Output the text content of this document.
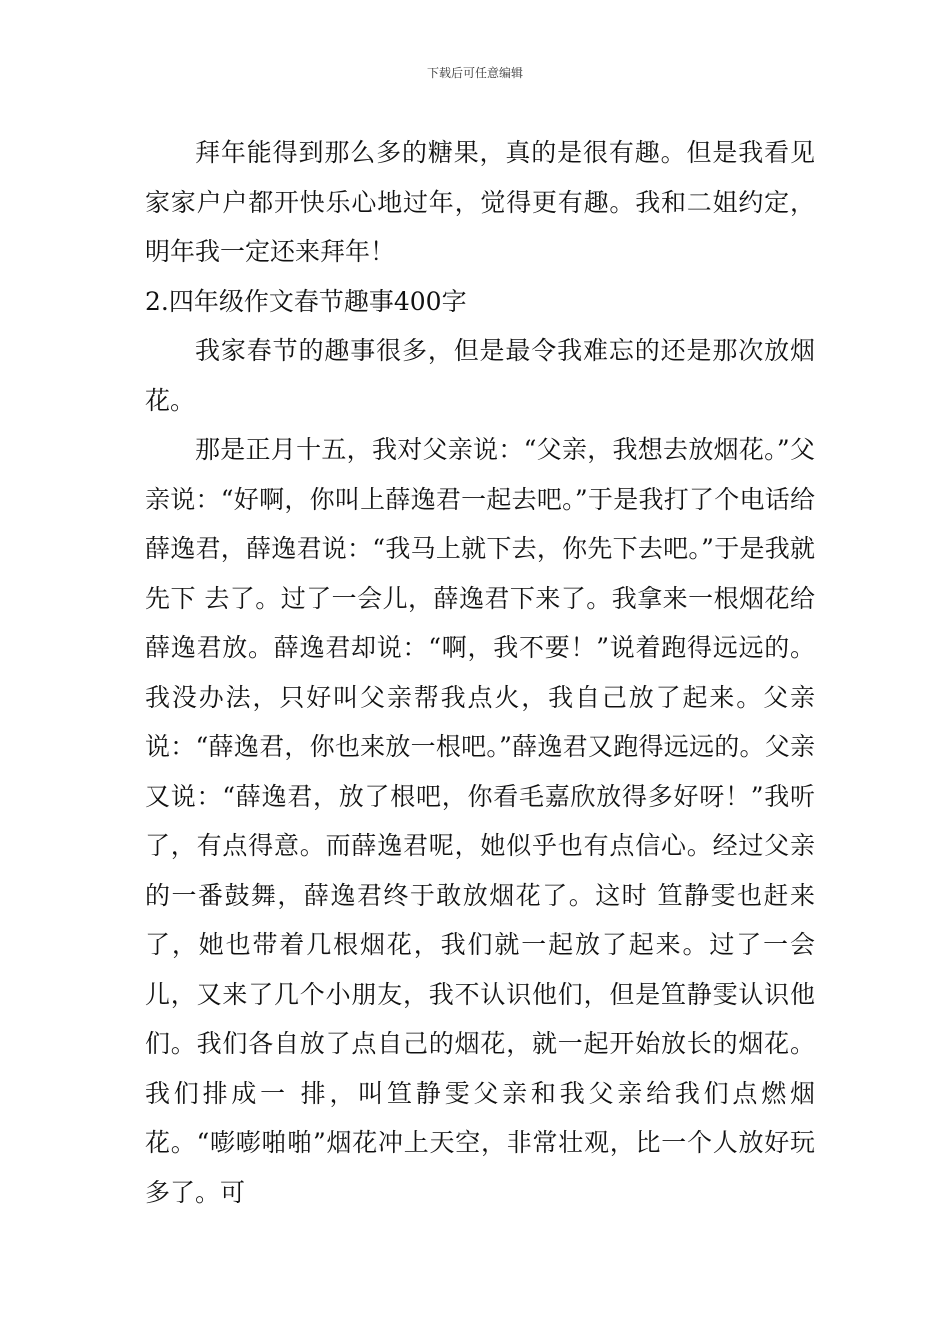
下载后可任意编辑

拜年能得到那么多的糖果，真的是很有趣。但是我看见家家户户都开快乐心地过年，觉得更有趣。我和二姐约定，明年我一定还来拜年！

2.四年级作文春节趣事400字

我家春节的趣事很多，但是最令我难忘的还是那次放烟花。

那是正月十五，我对父亲说：“父亲，我想去放烟花。”父亲说：“好啊，你叫上薛逸君一起去吧。”于是我打了个电话给薛逸君，薛逸君说：“我马上就下去，你先下去吧。”于是我就先下 去了。过了一会儿，薛逸君下来了。我拿来一根烟花给薛逸君放。薛逸君却说：“啊，我不要！”说着跑得远远的。我没办法，只好叫父亲帮我点火，我自己放了起来。父亲说：“薛逸君，你也来放一根吧。”薛逸君又跑得远远的。父亲又说：“薛逸君，放了根吧，你看毛嘉欣放得多好呀！”我听了，有点得意。而薛逸君呢，她似乎也有点信心。经过父亲的一番鼓舞，薛逸君终于敢放烟花了。这时 笪静雯也赶来了，她也带着几根烟花，我们就一起放了起来。过了一会儿，又来了几个小朋友，我不认识他们，但是笪静雯认识他们。我们各自放了点自己的烟花，就一起开始放长的烟花。我们排成一 排，叫笪静雯父亲和我父亲给我们点燃烟花。“嘭嘭啪啪”烟花冲上天空，非常壮观，比一个人放好玩多了。可
